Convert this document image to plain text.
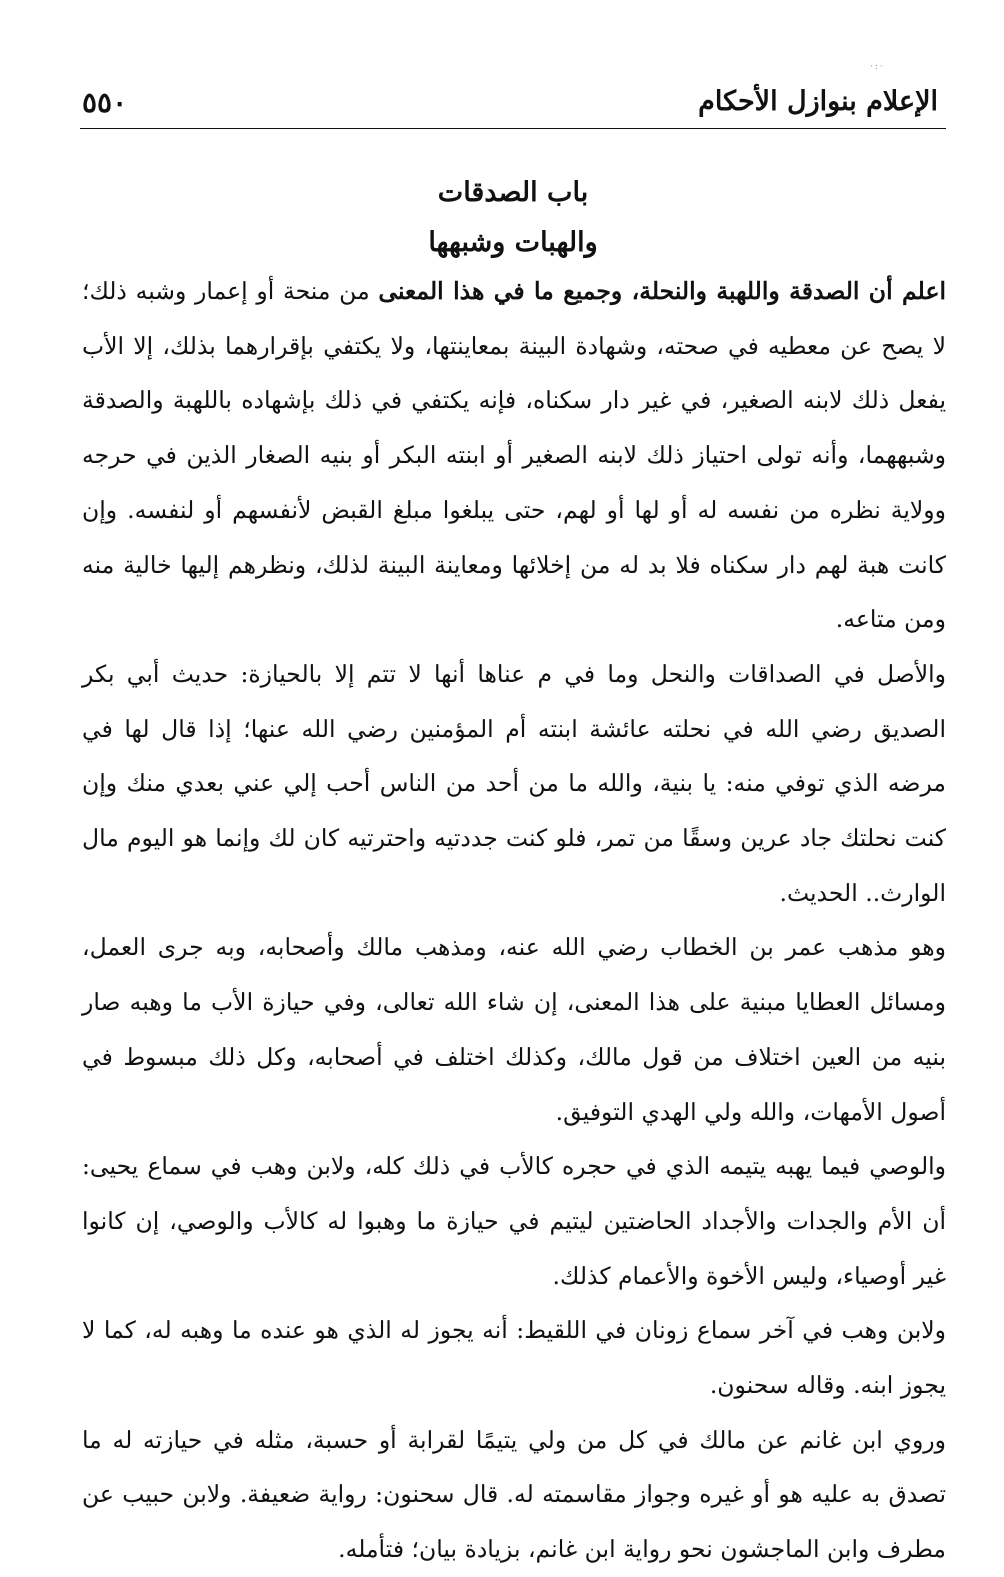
·:·
الإعلام بنوازل الأحكام
٥٥٠
باب الصدقات
والهبات وشبهها

اعلم أن الصدقة واللهبة والنحلة، وجميع ما في هذا المعنى من منحة أو إعمار وشبه ذلك؛ لا يصح عن معطيه في صحته، وشهادة البينة بمعاينتها، ولا يكتفي بإقرارهما بذلك، إلا الأب يفعل ذلك لابنه الصغير، في غير دار سكناه، فإنه يكتفي في ذلك بإشهاده باللهبة والصدقة وشبههما، وأنه تولى احتياز ذلك لابنه الصغير أو ابنته البكر أو بنيه الصغار الذين في حرجه وولاية نظره من نفسه له أو لها أو لهم، حتى يبلغوا مبلغ القبض لأنفسهم أو لنفسه. وإن كانت هبة لهم دار سكناه فلا بد له من إخلائها ومعاينة البينة لذلك، ونظرهم إليها خالية منه ومن متاعه.

والأصل في الصداقات والنحل وما في م عناها أنها لا تتم إلا بالحيازة: حديث أبي بكر الصديق رضي الله في نحلته عائشة ابنته أم المؤمنين رضي الله عنها؛ إذا قال لها في مرضه الذي توفي منه: يا بنية، والله ما من أحد من الناس أحب إلي عني بعدي منك وإن كنت نحلتك جاد عرين وسقًا من تمر، فلو كنت جددتيه واحترتيه كان لك وإنما هو اليوم مال الوارث.. الحديث.

وهو مذهب عمر بن الخطاب رضي الله عنه، ومذهب مالك وأصحابه، وبه جرى العمل، ومسائل العطايا مبنية على هذا المعنى، إن شاء الله تعالى، وفي حيازة الأب ما وهبه صار بنيه من العين اختلاف من قول مالك، وكذلك اختلف في أصحابه، وكل ذلك مبسوط في أصول الأمهات، والله ولي الهدي التوفيق.

والوصي فيما يهبه يتيمه الذي في حجره كالأب في ذلك كله، ولابن وهب في سماع يحيى: أن الأم والجدات والأجداد الحاضتين ليتيم في حيازة ما وهبوا له كالأب والوصي، إن كانوا غير أوصياء، وليس الأخوة والأعمام كذلك.

ولابن وهب في آخر سماع زونان في اللقيط: أنه يجوز له الذي هو عنده ما وهبه له، كما لا يجوز ابنه. وقاله سحنون.

وروي ابن غانم عن مالك في كل من ولي يتيمًا لقرابة أو حسبة، مثله في حيازته له ما تصدق به عليه هو أو غيره وجواز مقاسمته له. قال سحنون: رواية ضعيفة. ولابن حبيب عن مطرف وابن الماجشون نحو رواية ابن غانم، بزيادة بيان؛ فتأمله.
